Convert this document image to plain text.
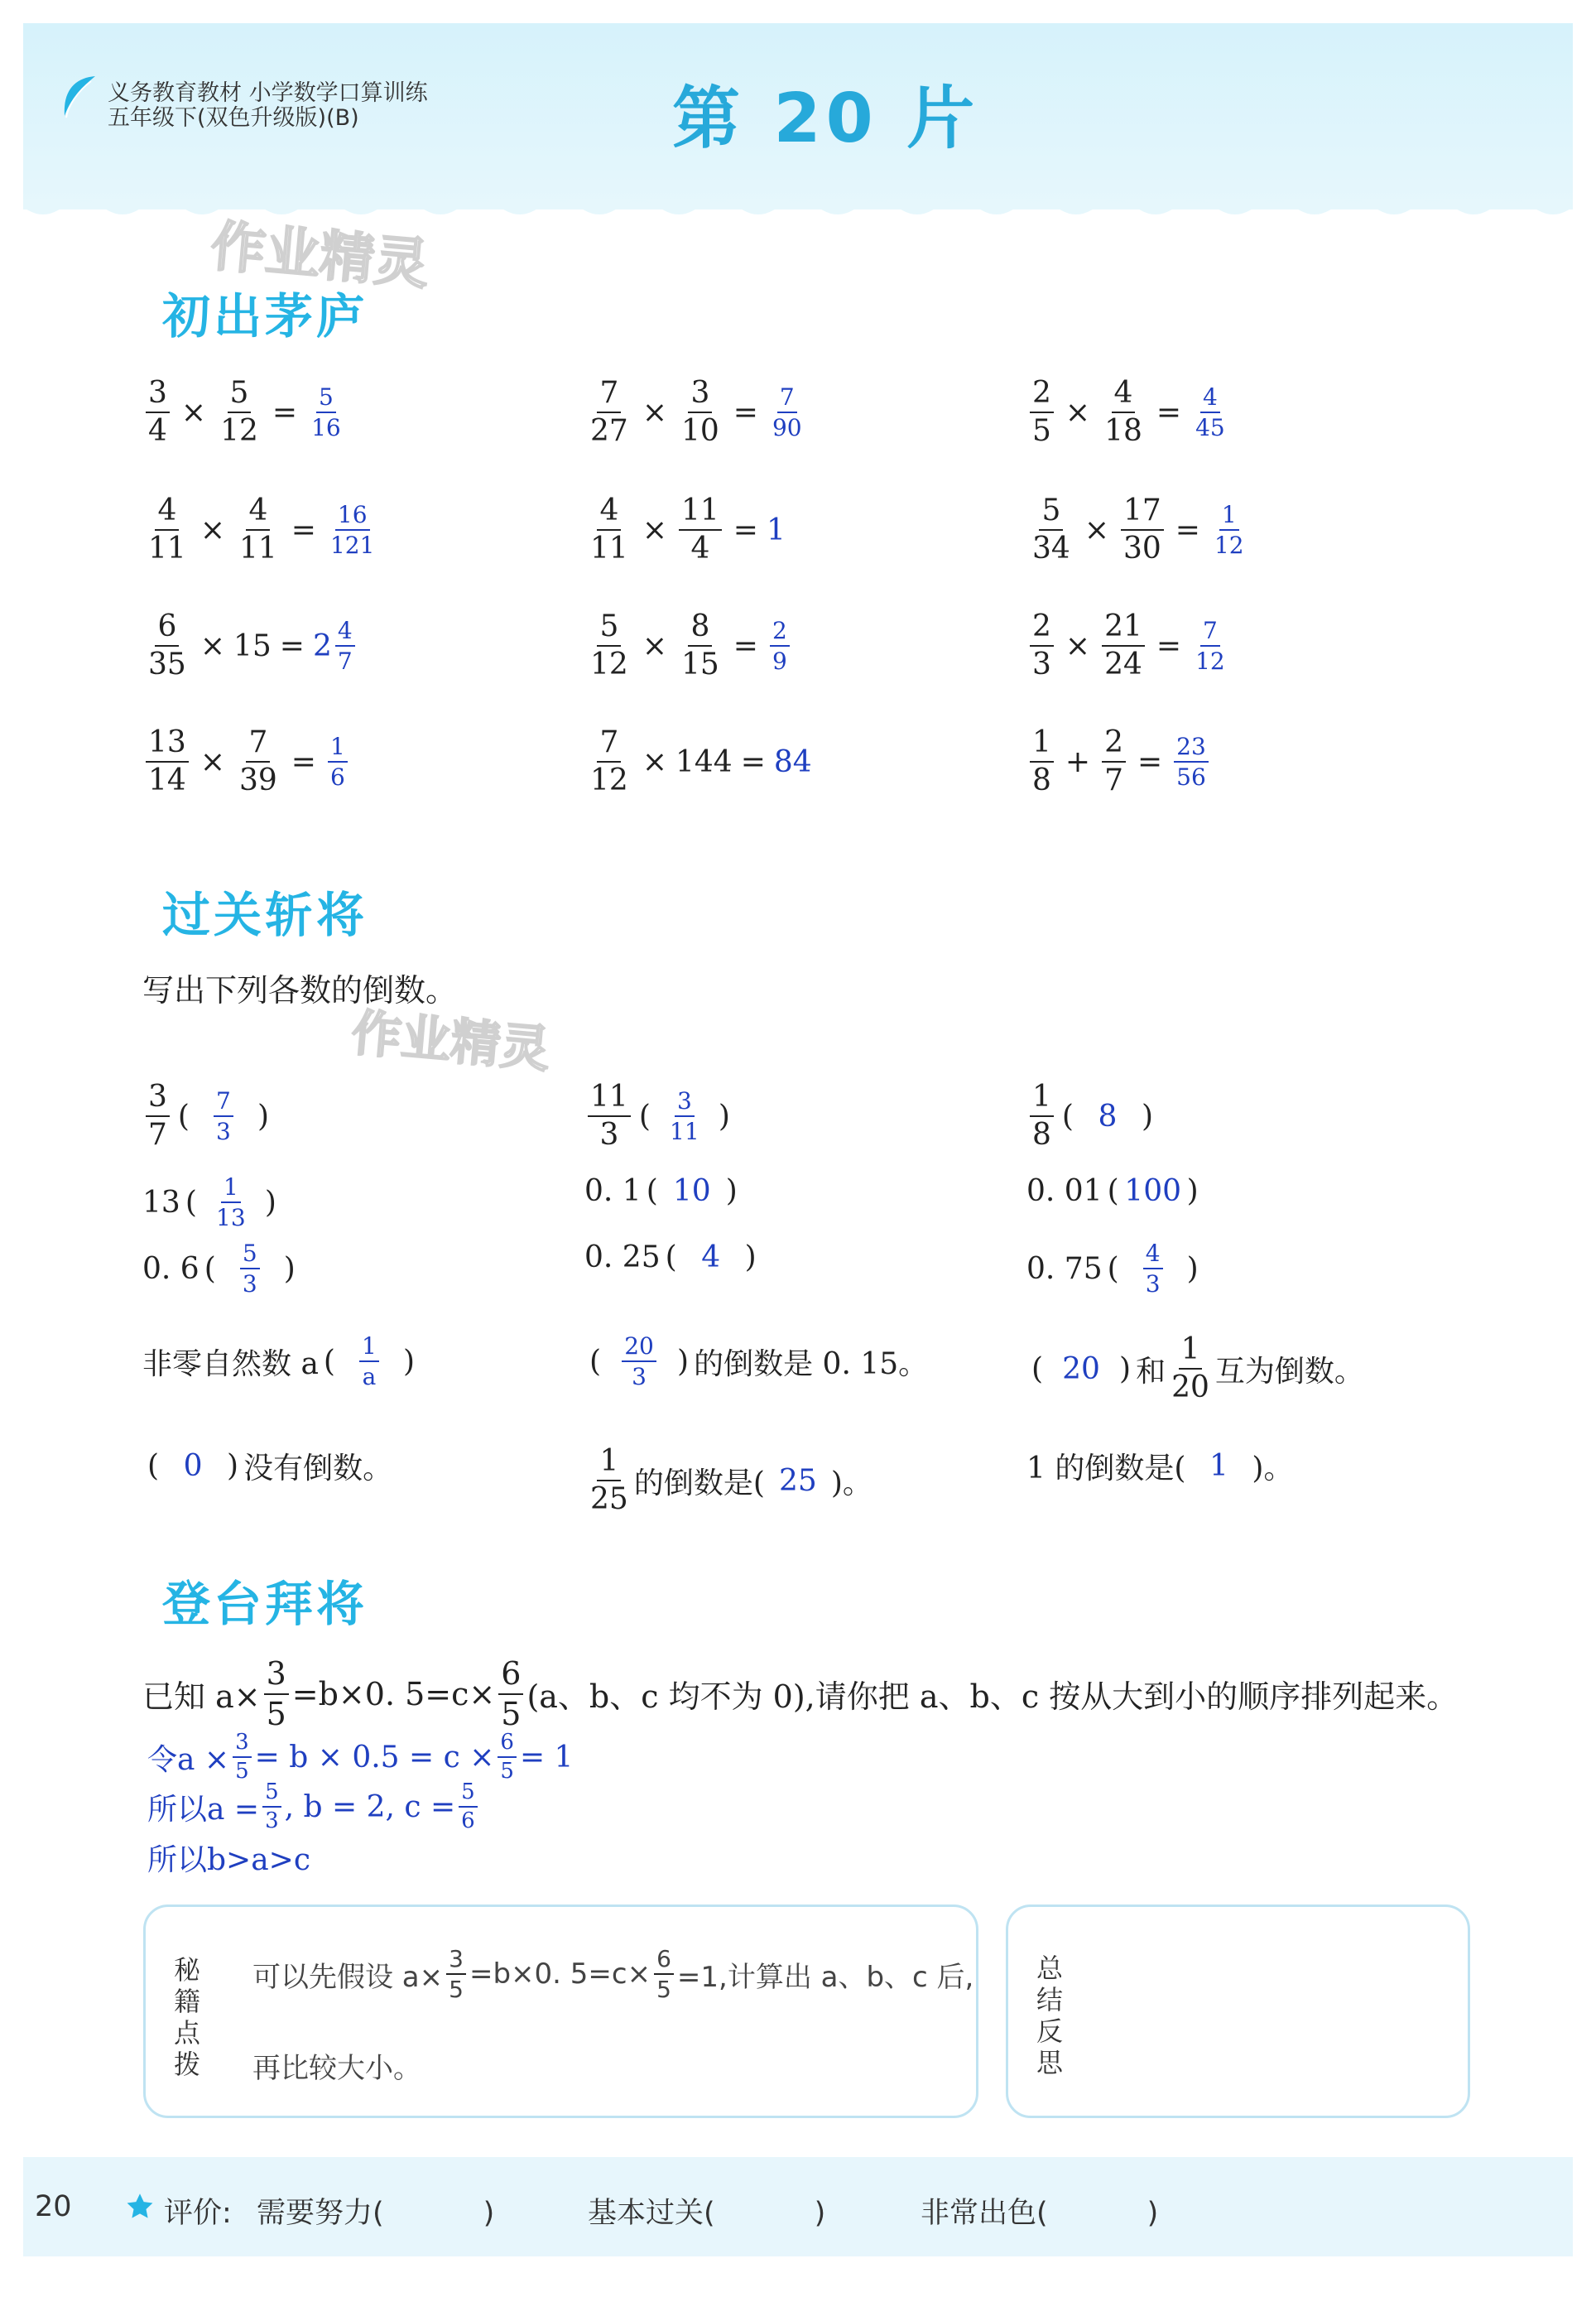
义务教育教材 小学数学口算训练
五年级下(双色升级版)(B)	第 20 片
作业精灵
作业精灵
初出茅庐
$\frac{3}{4} \times \frac{5}{12} = \frac{5}{16}$	$\frac{7}{27} \times \frac{3}{10} = \frac{7}{90}$	$\frac{2}{5} \times \frac{4}{18} = \frac{4}{45}$
$\frac{4}{11} \times \frac{4}{11} = \frac{16}{121}$	$\frac{4}{11} \times \frac{11}{4} = 1$	$\frac{5}{34} \times \frac{17}{30} = \frac{1}{12}$
$\frac{6}{35} \times 15 = 2 \frac{4}{7}$	$\frac{5}{12} \times \frac{8}{15} = \frac{2}{9}$	$\frac{2}{3} \times \frac{21}{24} = \frac{7}{12}$
$\frac{13}{14} \times \frac{7}{39} = \frac{1}{6}$	$\frac{7}{12} \times 144 = 84$	$\frac{1}{8} + \frac{2}{7} = \frac{23}{56}$
过关斩将
写出下列各数的倒数。
$\frac{3}{7}$ ( $\frac{7}{3}$ )	$\frac{11}{3}$ ( $\frac{3}{11}$ )	$\frac{1}{8}$ ( 8 )
13 ( $\frac{1}{13}$ )	0. 1 ( 10 )	0. 01 ( 100 )
0. 6 ( $\frac{5}{3}$ )	0. 25 ( 4 )	0. 75 ( $\frac{4}{3}$ )
非零自然数 a ( $\frac{1}{a}$ )	( $\frac{20}{3}$ ) 的倒数是 0. 15。	( 20 ) 和 $\frac{1}{20}$ 互为倒数。
( 0 ) 没有倒数。	$\frac{1}{25}$ 的倒数是( 25 )。	1 的倒数是( 1 )。
登台拜将
已知 $a\times \frac{3}{5} =b\times 0$. $5=c\times \frac{6}{5} (a$、b、c 均不为 0),请你把 a、b、c 按从大到小的顺序排列起来。
令$a \times \frac{3}{5} = b \times 0.5 = c \times \frac{6}{5} = 1$
所以$a = \frac{5}{3}$ , b = 2, $c = \frac{5}{6}$
所以b>a>c
秘
籍
点
拨
可以先假设 $a\times \frac{3}{5} =b\times 0$. $5=c\times \frac{6}{5} =1$,计算出 a、b、c 后,
再比较大小。
总
结
反
思
20	评价: 需要努力(	)	基本过关(	)	非常出色(	)
